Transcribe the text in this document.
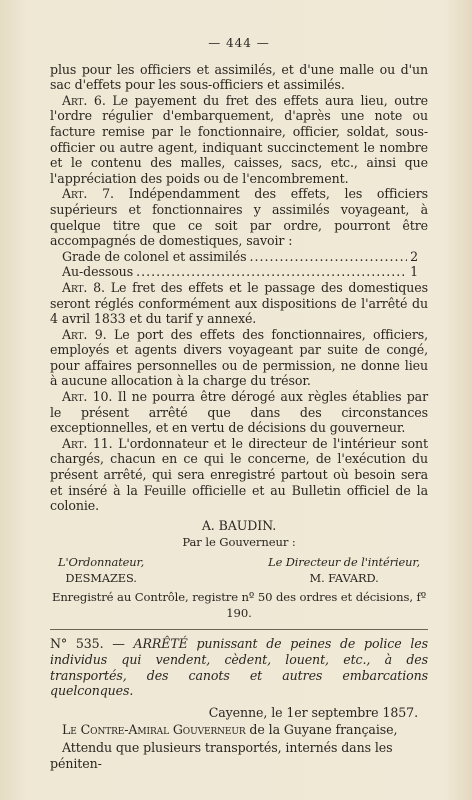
— 444 —

plus pour les officiers et assimilés, et d'une malle ou d'un sac d'effets pour les sous-officiers et assimilés.

Art. 6. Le payement du fret des effets aura lieu, outre l'ordre régulier d'embarquement, d'après une note ou facture remise par le fonctionnaire, officier, soldat, sous-officier ou autre agent, indiquant succinctement le nombre et le contenu des malles, caisses, sacs, etc., ainsi que l'appréciation des poids ou de l'encombrement.

Art. 7. Indépendamment des effets, les officiers supérieurs et fonctionnaires y assimilés voyageant, à quelque titre que ce soit par ordre, pourront être accompagnés de domestiques, savoir :

Grade de colonel et assimilés .....	2
Au-dessous .....	1

Art. 8. Le fret des effets et le passage des domestiques seront réglés conformément aux dispositions de l'arrêté du 4 avril 1833 et du tarif y annexé.

Art. 9. Le port des effets des fonctionnaires, officiers, employés et agents divers voyageant par suite de congé, pour affaires personnelles ou de permission, ne donne lieu à aucune allocation à la charge du trésor.

Art. 10. Il ne pourra être dérogé aux règles établies par le présent arrêté que dans des circonstances exceptionnelles, et en vertu de décisions du gouverneur.

Art. 11. L'ordonnateur et le directeur de l'intérieur sont chargés, chacun en ce qui le concerne, de l'exécution du présent arrêté, qui sera enregistré partout où besoin sera et inséré à la Feuille officielle et au Bulletin officiel de la colonie.

A. BAUDIN.
Par le Gouverneur :
L'Ordonnateur,
DESMAZES.
Le Directeur de l'intérieur,
M. FAVARD.
Enregistré au Contrôle, registre nº 50 des ordres et décisions, fº 190.

N° 535. — ARRÊTÉ punissant de peines de police les individus qui vendent, cèdent, louent, etc., à des transportés, des canots et autres embarcations quelconques.

Cayenne, le 1er septembre 1857.

Le Contre-Amiral Gouverneur de la Guyane française,

Attendu que plusieurs transportés, internés dans les péniten-
